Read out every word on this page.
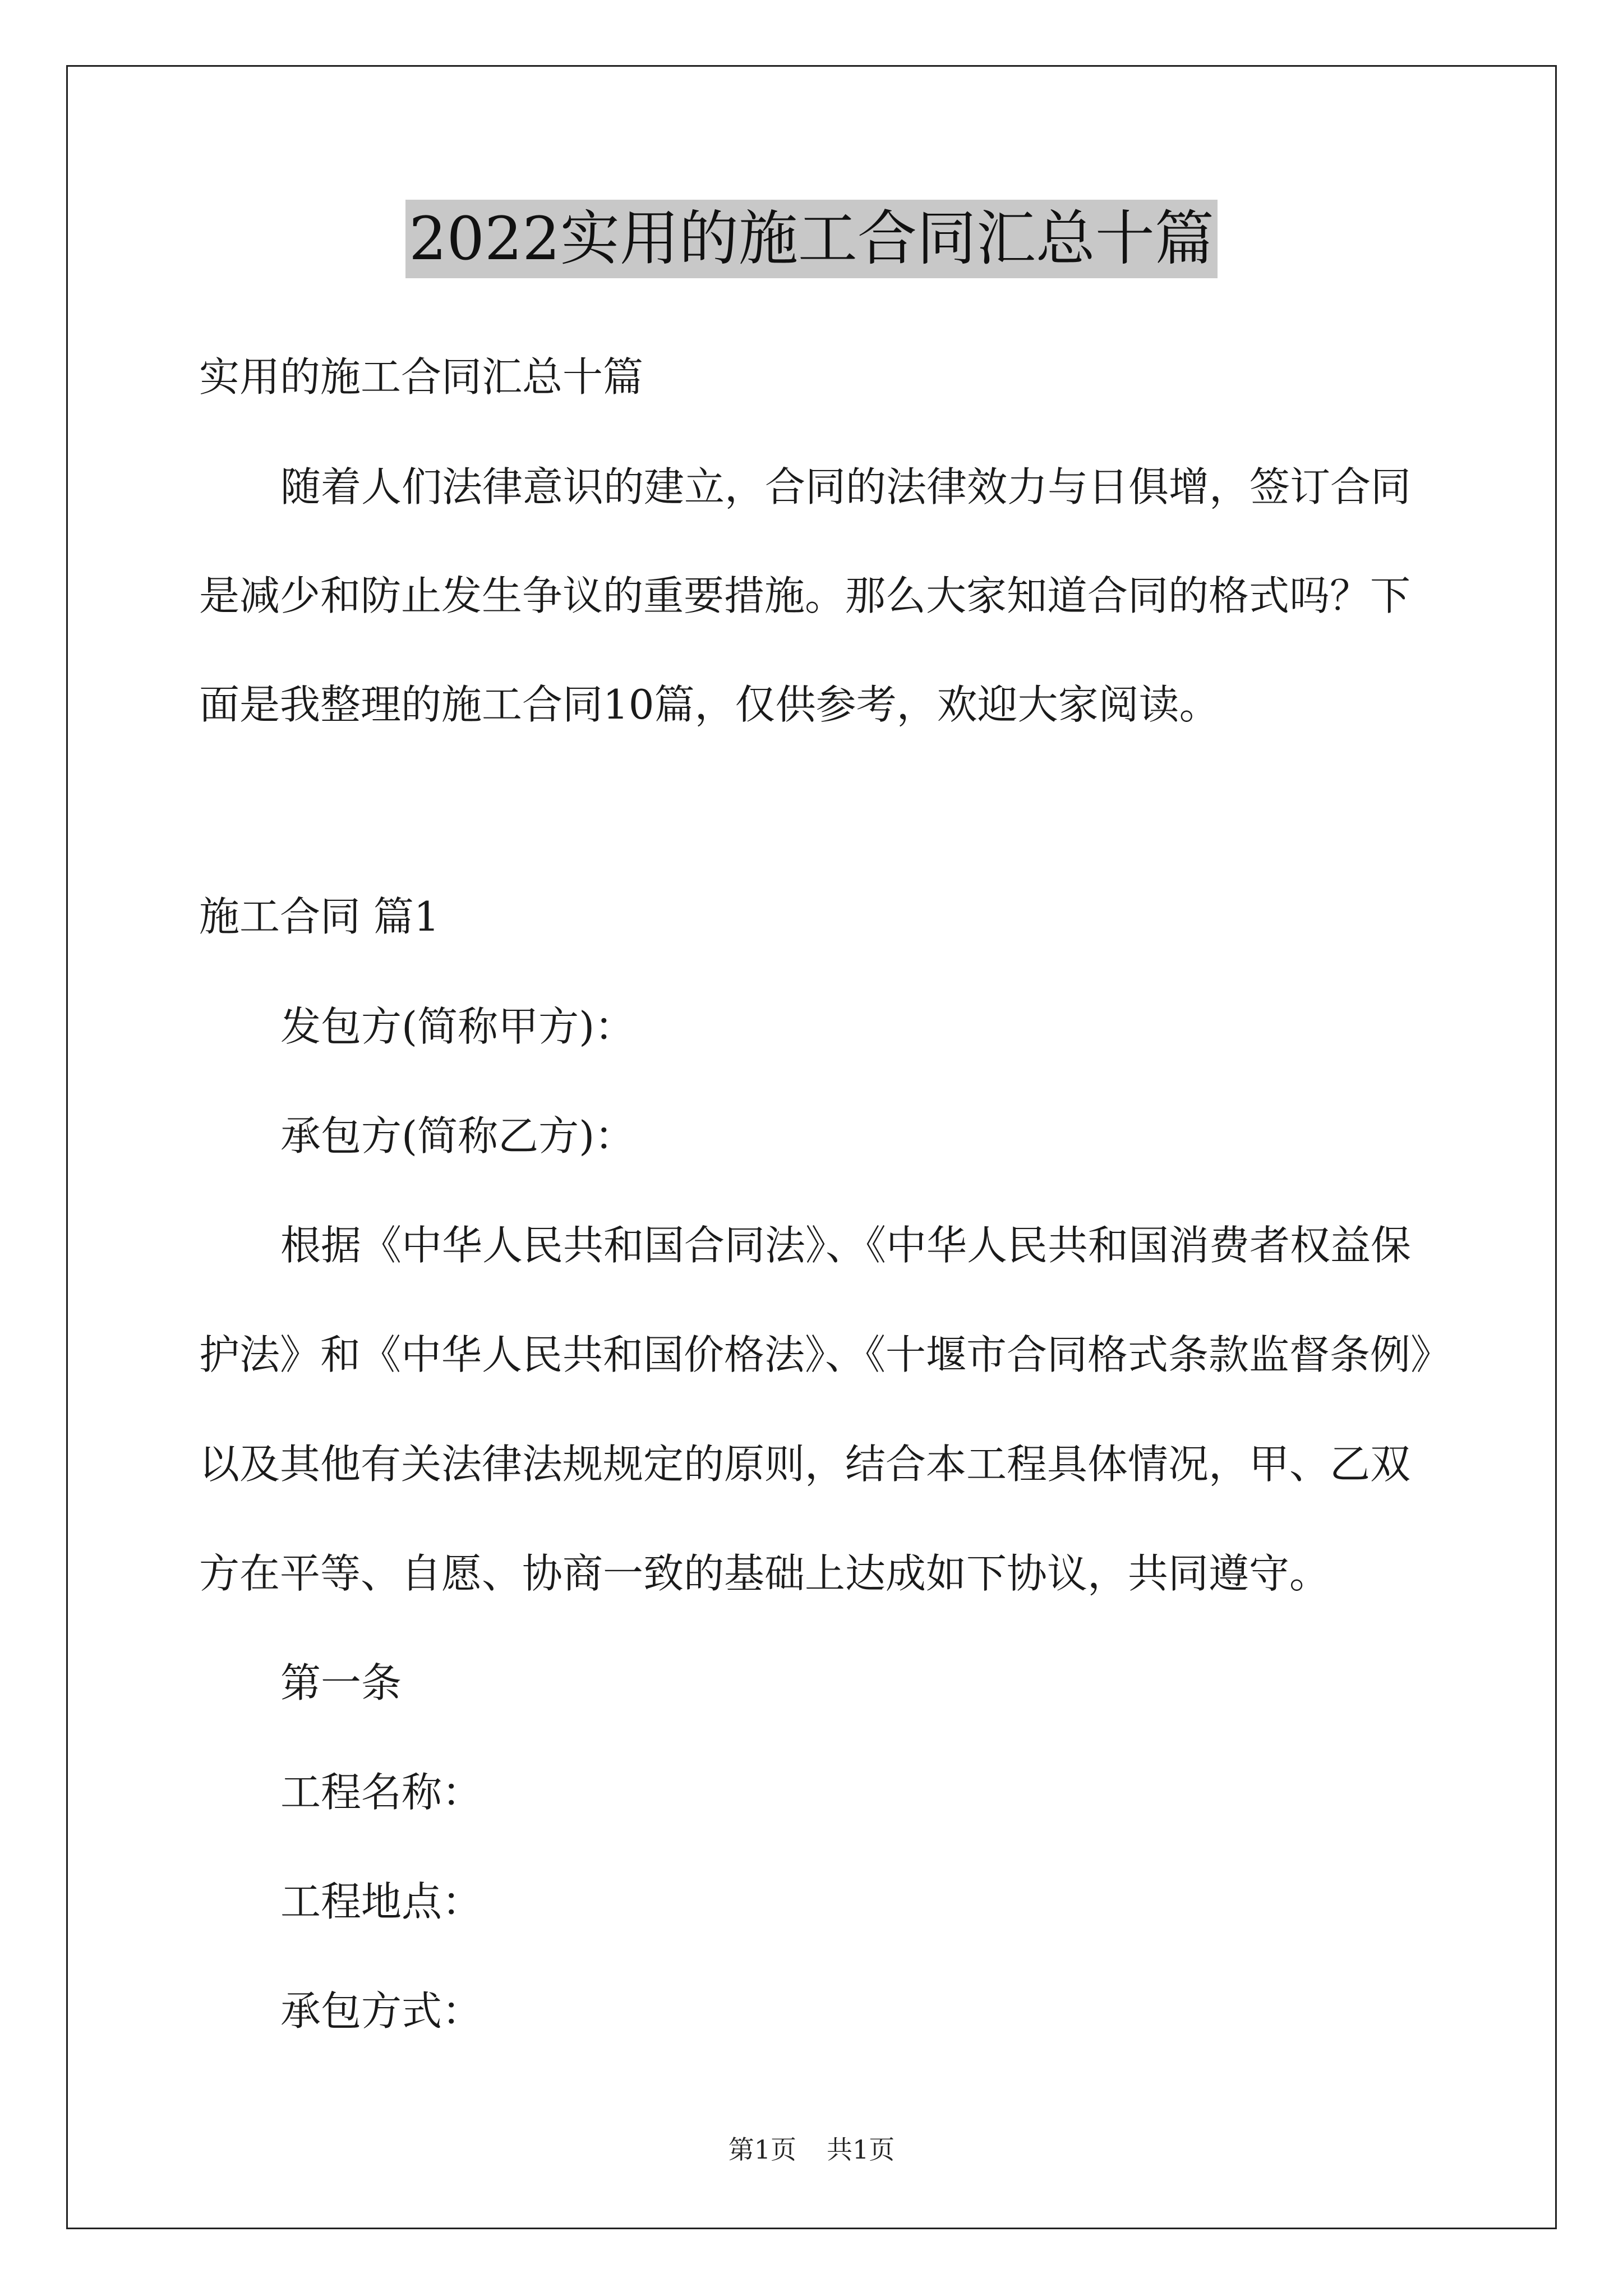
2022实用的施工合同汇总十篇
实用的施工合同汇总十篇
随着人们法律意识的建立，合同的法律效力与日俱增，签订合同
是减少和防止发生争议的重要措施。那么大家知道合同的格式吗？下
面是我整理的施工合同10篇，仅供参考，欢迎大家阅读。
施工合同 篇1
发包方(简称甲方)：
承包方(简称乙方)：
根据《中华人民共和国合同法》、《中华人民共和国消费者权益保
护法》和《中华人民共和国价格法》、《十堰市合同格式条款监督条例》
以及其他有关法律法规规定的原则，结合本工程具体情况，甲、乙双
方在平等、自愿、协商一致的基础上达成如下协议，共同遵守。
第一条
工程名称：
工程地点：
承包方式：
第1页 共1页
